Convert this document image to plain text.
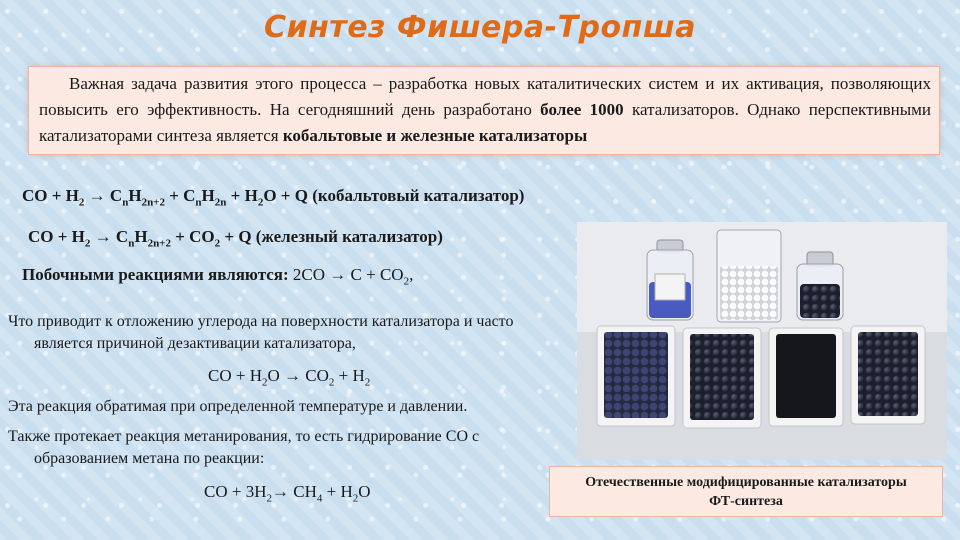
Синтез Фишера-Тропша

Важная задача развития этого процесса – разработка новых каталитических систем и их активация, позволяющих повысить его эффективность. На сегодняшний день разработано более 1000 катализаторов. Однако перспективными катализаторами синтеза является кобальтовые и железные катализаторы

СО + $Н_2 \to С_nН_{2n+2} + С_nН_{2n} + Н_2О + Q$ (кобальтовый катализатор)
СО + $Н_2 \to С_nН_{2n+2} + СО_2 + Q$ (железный катализатор)
Побочными реакциями являются: $2СО \to С + СО_2$,
Что приводит к отложению углерода на поверхности катализатора и часто
является причиной дезактивации катализатора,
СО + $Н_2О \to СО_2 + Н_2$
Эта реакция обратимая при определенной температуре и давлении.
Также протекает реакция метанирования, то есть гидрирование СО с
образованием метана по реакции:
СО + $3Н_2\to СН_4 + Н_2О$	Отечественные модифицированные катализаторы
ФТ-синтеза
